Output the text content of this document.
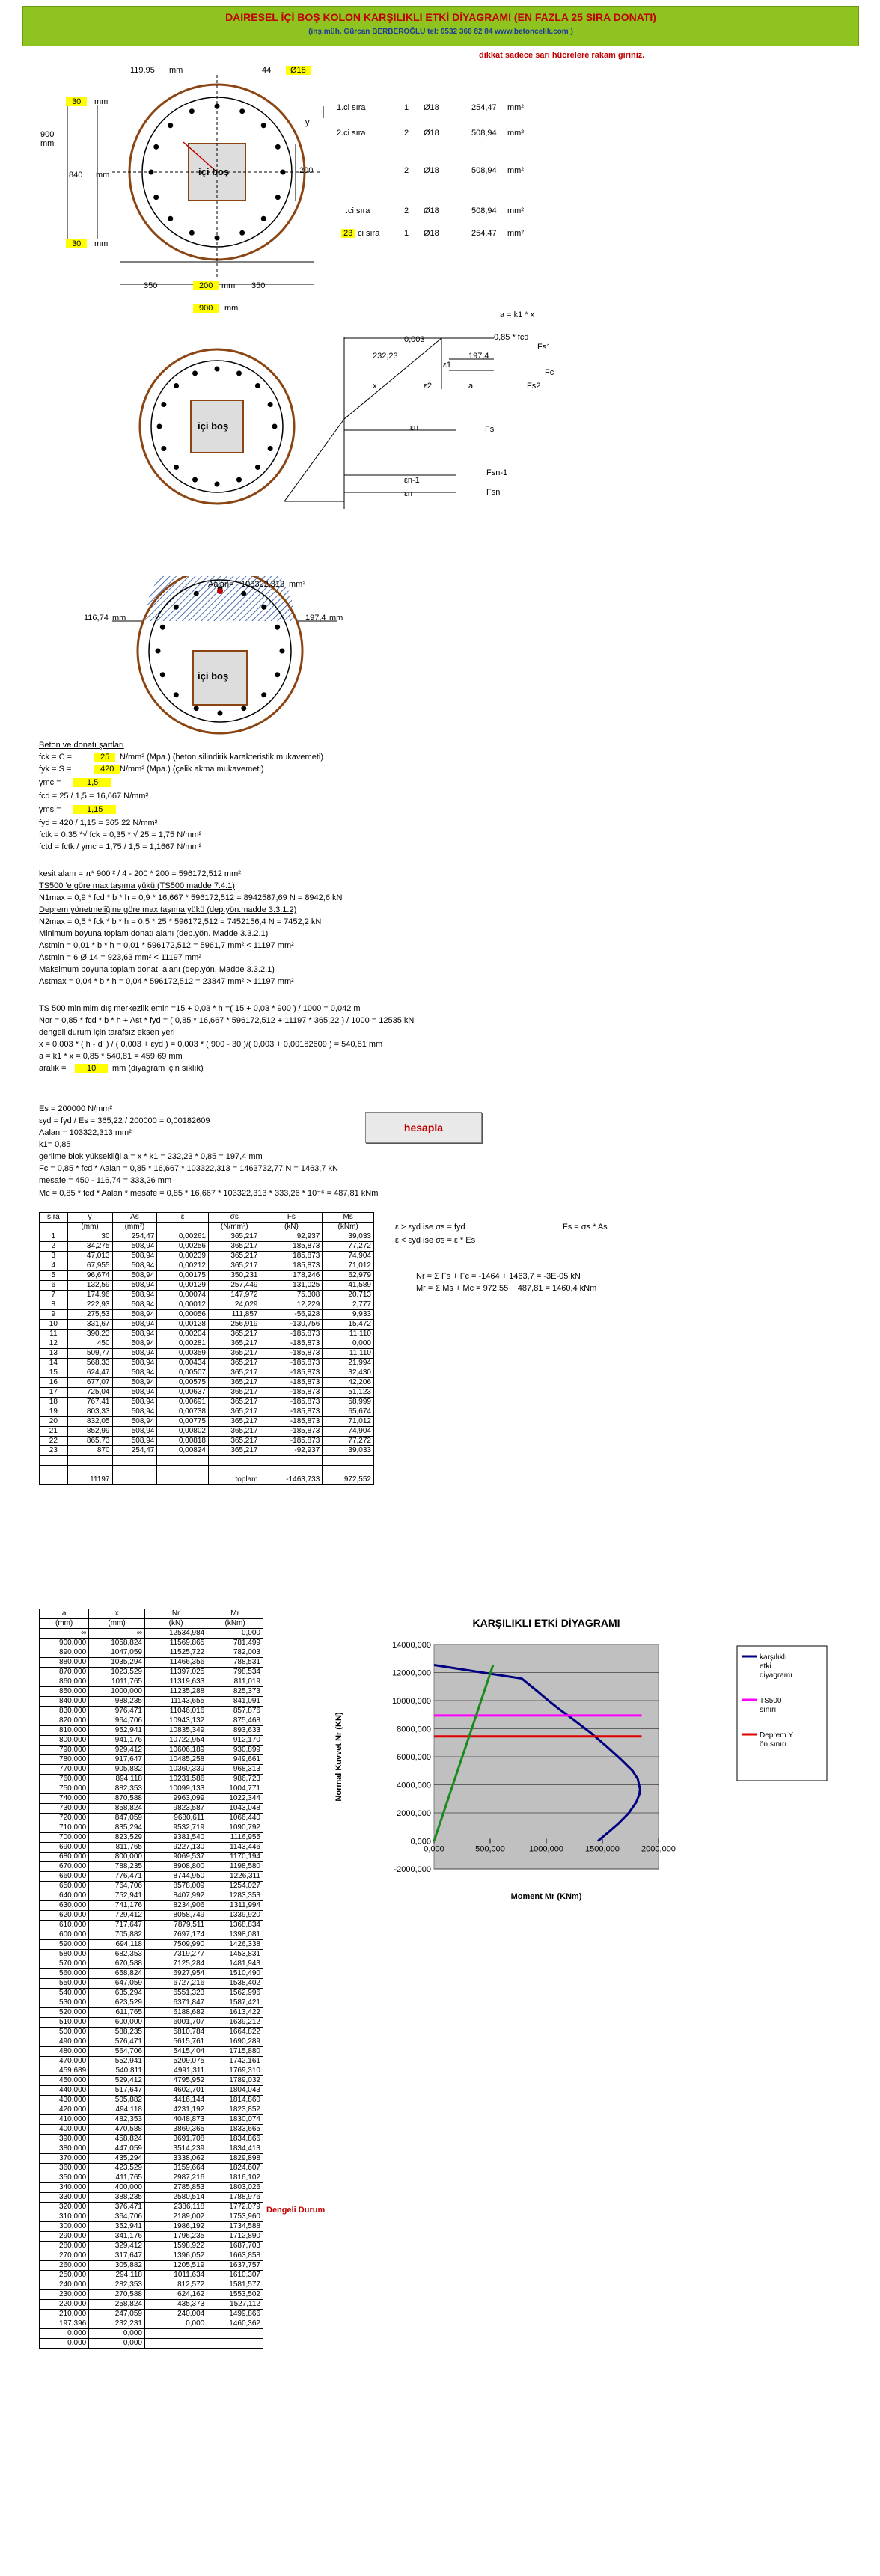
DAIRESEL İÇİ BOŞ KOLON KARŞILIKLI ETKİ DİYAGRAMI (EN FAZLA 25 SIRA DONATI)
(inş.müh. Gürcan BERBEROĞLU tel: 0532 366 82 84 www.betoncelik.com )
dikkat sadece sarı hücrelere rakam giriniz.
119,95 mm	44	Ø18
30	mm
900
mm
840 mm	içi boş	200
y
30	mm
350	200	mm 350
900	mm
1.ci sıra	1 Ø18	254,47 mm²
2.ci sıra	2 Ø18	508,94 mm²
2 Ø18	508,94 mm²
.ci sıra	2 Ø18	508,94 mm²
23 ci sıra	1 Ø18	254,47 mm²
a = k1 * x
0,85 * fcd
0,003
232,23	197,4
x	a
ε1
ε2
εn
εn-1
εn
Fs1
Fc
Fs2
Fs
Fsn-1
Fsn
içi boş
Aalan= 103322,313 mm²
116,74 mm	197,4 mm
içi boş
Beton ve donatı şartları
fck = C =	25	N/mm² (Mpa.) (beton silindirik karakteristik mukavemeti)
fyk = S =	420 N/mm² (Mpa.) (çelik akma mukavemeti)
γmc =	1,5
fcd = 25 / 1,5 = 16,667 N/mm²
γms =	1,15
fyd = 420 / 1,15 = 365,22 N/mm²
fctk = 0,35 *√ fck = 0,35 * √ 25 = 1,75 N/mm²
fctd = fctk / γmc = 1,75 / 1,5 = 1,1667 N/mm²
kesit alanı = π* 900 ² / 4 - 200 * 200 = 596172,512 mm²
TS500 'e göre max taşıma yükü (TS500 madde 7.4.1)
N1max = 0,9 * fcd * b * h = 0,9 * 16,667 * 596172,512 = 8942587,69 N = 8942,6 kN
Deprem yönetmeliğine göre max taşıma yükü (dep.yön.madde 3.3.1.2)
N2max = 0,5 * fck * b * h = 0,5 * 25 * 596172,512 = 7452156,4 N = 7452,2 kN
Minimum boyuna toplam donatı alanı (dep.yön. Madde 3.3.2.1)
Astmin = 0,01 * b * h = 0,01 * 596172,512 = 5961,7 mm² < 11197 mm²
Astmin = 6 Ø 14 = 923,63 mm² < 11197 mm²
Maksimum boyuna toplam donatı alanı (dep.yön. Madde 3.3.2.1)
Astmax = 0,04 * b * h = 0,04 * 596172,512 = 23847 mm² > 11197 mm²
TS 500 minimim dış merkezlik emin =15 + 0,03 * h =( 15 + 0,03 * 900 ) / 1000 = 0,042 m
Nor = 0,85 * fcd * b * h + Ast * fyd = ( 0,85 * 16,667 * 596172,512 + 11197 * 365,22 ) / 1000 = 12535 kN
dengeli durum için tarafsız eksen yeri
x = 0,003 * ( h - d' ) / ( 0,003 + εyd ) = 0,003 * ( 900 - 30 )/( 0,003 + 0,00182609 ) = 540,81 mm
a = k1 * x = 0,85 * 540,81 = 459,69 mm
aralık =	10	mm (diyagram için sıklık)
Es = 200000 N/mm²
εyd = fyd / Es = 365,22 / 200000 = 0,00182609
Aalan = 103322,313 mm²
k1= 0,85
gerilme blok yüksekliği a = x * k1 = 232,23 * 0,85 = 197,4 mm
Fc = 0,85 * fcd * Aalan = 0,85 * 16,667 * 103322,313 = 1463732,77 N = 1463,7 kN
mesafe = 450 - 116,74 = 333,26 mm
Mc = 0,85 * fcd * Aalan * mesafe = 0,85 * 16,667 * 103322,313 * 333,26 * 10⁻⁶ = 487,81 kNm
hesapla
sıra	y	As	ε	σs	Fs	Ms
	(mm)	(mm²)		(N/mm²)	(kN)	(kNm)
1	30	254,47	0,00261	365,217	92,937	39,033
2	34,275	508,94	0,00256	365,217	185,873	77,272
3	47,013	508,94	0,00239	365,217	185,873	74,904
4	67,955	508,94	0,00212	365,217	185,873	71,012
5	96,674	508,94	0,00175	350,231	178,246	62,979
6	132,59	508,94	0,00129	257,449	131,025	41,589
7	174,96	508,94	0,00074	147,972	75,308	20,713
8	222,93	508,94	0,00012	24,029	12,229	2,777
9	275,53	508,94	0,00056	111,857	-56,928	9,933
10	331,67	508,94	0,00128	256,919	-130,756	15,472
11	390,23	508,94	0,00204	365,217	-185,873	11,110
12	450	508,94	0,00281	365,217	-185,873	0,000
13	509,77	508,94	0,00359	365,217	-185,873	11,110
14	568,33	508,94	0,00434	365,217	-185,873	21,994
15	624,47	508,94	0,00507	365,217	-185,873	32,430
16	677,07	508,94	0,00575	365,217	-185,873	42,206
17	725,04	508,94	0,00637	365,217	-185,873	51,123
18	767,41	508,94	0,00691	365,217	-185,873	58,999
19	803,33	508,94	0,00738	365,217	-185,873	65,674
20	832,05	508,94	0,00775	365,217	-185,873	71,012
21	852,99	508,94	0,00802	365,217	-185,873	74,904
22	865,73	508,94	0,00818	365,217	-185,873	77,272
23	870	254,47	0,00824	365,217	-92,937	39,033

	11197			toplam	-1463,733	972,552
ε > εyd ise σs = fyd	Fs = σs * As
ε < εyd ise σs = ε * Es
Nr = Σ Fs + Fc = -1464 + 1463,7 = -3E-05 kN
Mr = Σ Ms + Mc = 972,55 + 487,81 = 1460,4 kNm
a	x	Nr	Mr
(mm)	(mm)	(kN)	(kNm)
∞	∞	12534,984	0,000
900,000	1058,824	11569,865	781,499
890,000	1047,059	11525,722	782,003
880,000	1035,294	11466,356	788,531
870,000	1023,529	11397,025	798,534
860,000	1011,765	11319,633	811,019
850,000	1000,000	11235,288	825,373
840,000	988,235	11143,655	841,091
830,000	976,471	11046,016	857,876
820,000	964,706	10943,132	875,468
810,000	952,941	10835,349	893,633
800,000	941,176	10722,954	912,170
790,000	929,412	10606,189	930,899
780,000	917,647	10485,258	949,661
770,000	905,882	10360,339	968,313
760,000	894,118	10231,586	986,723
750,000	882,353	10099,133	1004,771
740,000	870,588	9963,099	1022,344
730,000	858,824	9823,587	1043,048
720,000	847,059	9680,611	1066,440
710,000	835,294	9532,719	1090,792
700,000	823,529	9381,540	1116,955
690,000	811,765	9227,130	1143,446
680,000	800,000	9069,537	1170,194
670,000	788,235	8908,800	1198,580
660,000	776,471	8744,950	1226,311
650,000	764,706	8578,009	1254,027
640,000	752,941	8407,992	1283,353
630,000	741,176	8234,906	1311,994
620,000	729,412	8058,749	1339,920
610,000	717,647	7879,511	1368,834
600,000	705,882	7697,174	1398,081
590,000	694,118	7509,990	1426,338
580,000	682,353	7319,277	1453,831
570,000	670,588	7125,284	1481,943
560,000	658,824	6927,954	1510,490
550,000	647,059	6727,216	1538,402
540,000	635,294	6551,323	1562,996
530,000	623,529	6371,847	1587,421
520,000	611,765	6188,682	1613,422
510,000	600,000	6001,707	1639,212
500,000	588,235	5810,784	1664,822
490,000	576,471	5615,761	1690,289
480,000	564,706	5415,404	1715,880
470,000	552,941	5209,075	1742,161
459,689	540,811	4991,311	1769,310
450,000	529,412	4795,952	1789,032
440,000	517,647	4602,701	1804,043
430,000	505,882	4416,144	1814,860
420,000	494,118	4231,192	1823,852
410,000	482,353	4048,873	1830,074
400,000	470,588	3869,365	1833,665
390,000	458,824	3691,708	1834,866
380,000	447,059	3514,239	1834,413
370,000	435,294	3338,062	1829,898
360,000	423,529	3159,664	1824,607
350,000	411,765	2987,216	1816,102
340,000	400,000	2785,853	1803,026
330,000	388,235	2580,514	1788,976
320,000	376,471	2386,118	1772,079
310,000	364,706	2189,002	1753,960
300,000	352,941	1986,192	1734,588
290,000	341,176	1796,235	1712,890
280,000	329,412	1598,922	1687,703
270,000	317,647	1396,052	1663,858
260,000	305,882	1205,519	1637,757
250,000	294,118	1011,634	1610,307
240,000	282,353	812,572	1581,577
230,000	270,588	624,162	1553,502
220,000	258,824	435,373	1527,112
210,000	247,059	240,004	1499,866
197,396	232,231	0,000	1460,362
0,000	0,000		
0,000	0,000		
Dengeli Durum
KARŞILIKLI ETKİ DİYAGRAMI
-2000,000
0,000
2000,000
4000,000
6000,000
8000,000
10000,000
12000,000
14000,000
0,000	500,000	1000,000	1500,000	2000,000
Moment Mr (KNm)
Normal Kuvvet Nr (KN)
karşılıklı
etki
diyagramı
TS500
sınırı
Deprem.Y
ön sınırı
